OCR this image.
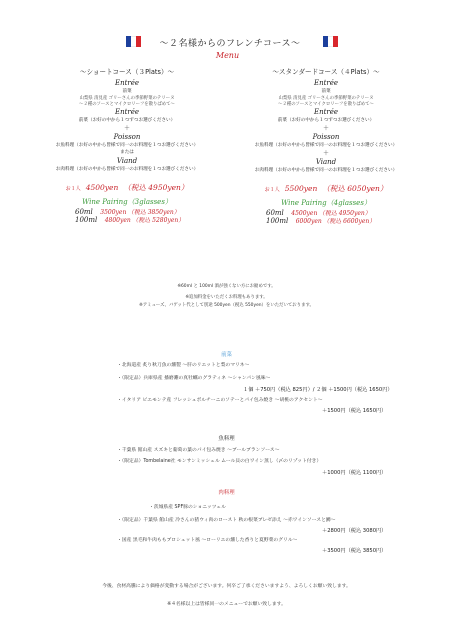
〜２名様からのフレンチコース〜
Menu
〜ショートコース（３Plats）〜
Entrée
前菜
山梨県 清見産 ゴリーさんの季節野菜のテリーヌ
〜２種のソースとマイクロリーフを散りばめて〜
Entrée
前菜（お好の中から１つずつお選びください）
＋
Poisson
お魚料理（お好の中から皆様で同一のお料理を１つお選びください）
または
Viand
お肉料理（お好の中から皆様で同一のお料理を１つお選びください）
お１人 4500yen （税込 4950yen）
Wine Pairing（3glasses）
60ml 3500yen （税込 3850yen）
100ml 4800yen （税込 5280yen）
〜スタンダードコース（４Plats）〜
Entrée
前菜
山梨県 清見産 ゴリーさんの季節野菜のテリーヌ
〜２種のソースとマイクロリーフを散りばめて〜
Entrée
前菜（お好の中から１つずつお選びください）
＋
Poisson
お魚料理（お好の中から皆様で同一のお料理を１つお選びください）
＋
Viand
お肉料理（お好の中から皆様で同一のお料理を１つお選びください）
お１人 5500yen （税込 6050yen）
Wine Pairing（4glasses）
60ml 4500yen （税込 4950yen）
100ml 6000yen （税込 6600yen）
※60ml と 100ml 酒が強くない方にお勧めです。
※追加料金をいただくお料理もあります。
※アミューズ、バゲット代として別途 500yen（税込 550yen）をいただいております。
前菜
・北海道産 炙り秋刀魚の燻製 〜肝のリエットと梨のマリネ〜
・（限定品）兵庫県産 播磨灘の真牡蠣のグラティネ 〜シャンパン風味〜
１個 ＋750円（税込 825円）/ ２個 ＋1500円（税込 1650円）
・イタリア ピエモンテ産 フレッシュポルチーニのソテーとパイ包み焼き 〜胡桃のアクセント〜
＋1500円（税込 1650円）
魚料理
・千葉県 館山産 スズキと葡萄の葉のパイ包み焼き 〜ブールブランソース〜
・（限定品）Tombelaine社 モンサンミッシェル ムール貝の白ワイン蒸し（〆のリゾット付き）
＋1000円（税込 1100円）
肉料理
・茨城県産 SPF豚のショニッツェル
・（限定品）千葉県 館山産 冷さんの猪ウィ肉のロースト 秋の根菜ブレゼ添え 〜赤ワインソースと鱒〜
＋2800円（税込 3080円）
・国産 黒毛和牛肉ももブロシェット風 〜ローリエの燻した香りと夏野菜のグリル〜
＋3500円（税込 3850円）
今後、食材高騰により価格が変動する場合がございます。何卒ご了承くださいますよう、よろしくお願い致します。
※４名様以上は皆様同一のメニューでお願い致します。
